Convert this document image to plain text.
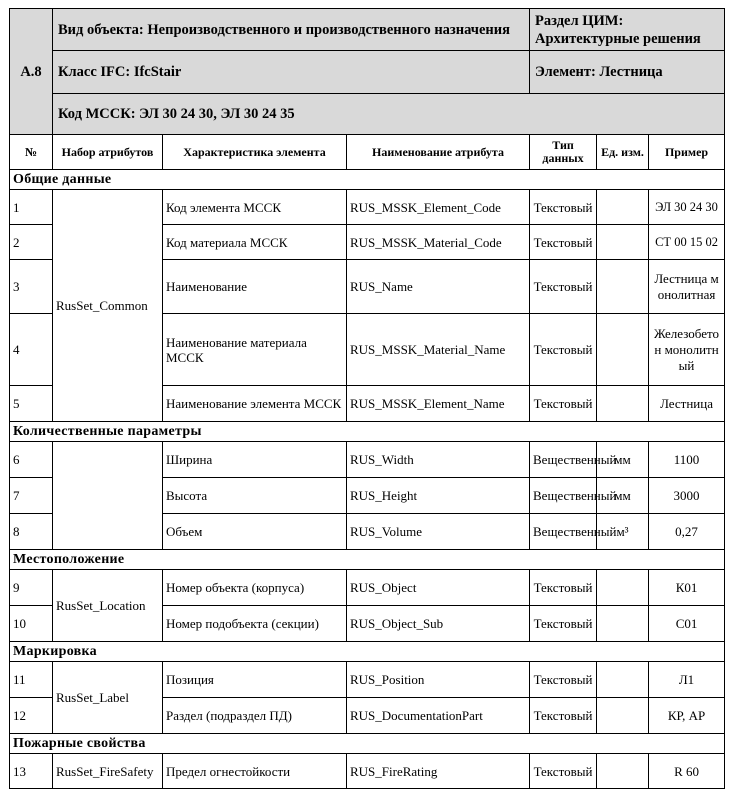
А.8	Вид объекта: Непроизводственного и производственного назначения			Раздел ЦИМ: Архитектурные решения		
	Класс IFC: IfcStair			Элемент: Лестница		
	Код МССК: ЭЛ 30 24 30, ЭЛ 30 24 35					
№	Набор атрибутов	Характеристика элемента	Наименование атрибута	Тип данных	Ед. изм.	Пример
Общие данные						
1	RusSet_Common	Код элемента МССК	RUS_MSSK_Element_Code	Текстовый		ЭЛ 30 24 30
2		Код материала МССК	RUS_MSSK_Material_Code	Текстовый		СТ 00 15 02
3		Наименование	RUS_Name	Текстовый		Лестница монолитная
4		Наименование материала МССК	RUS_MSSK_Material_Name	Текстовый		Железобетон монолитный
5		Наименование элемента МССК	RUS_MSSK_Element_Name	Текстовый		Лестница
Количественные параметры						
6		Ширина	RUS_Width	Вещественный	мм	1100
7		Высота	RUS_Height	Вещественный	мм	3000
8		Объем	RUS_Volume	Вещественный	м³	0,27
Местоположение						
9	RusSet_Location	Номер объекта (корпуса)	RUS_Object	Текстовый		К01
10		Номер подобъекта (секции)	RUS_Object_Sub	Текстовый		С01
Маркировка						
11	RusSet_Label	Позиция	RUS_Position	Текстовый		Л1
12		Раздел (подраздел ПД)	RUS_DocumentationPart	Текстовый		КР, АР
Пожарные свойства						
13	RusSet_FireSafety	Предел огнестойкости	RUS_FireRating	Текстовый		R 60
